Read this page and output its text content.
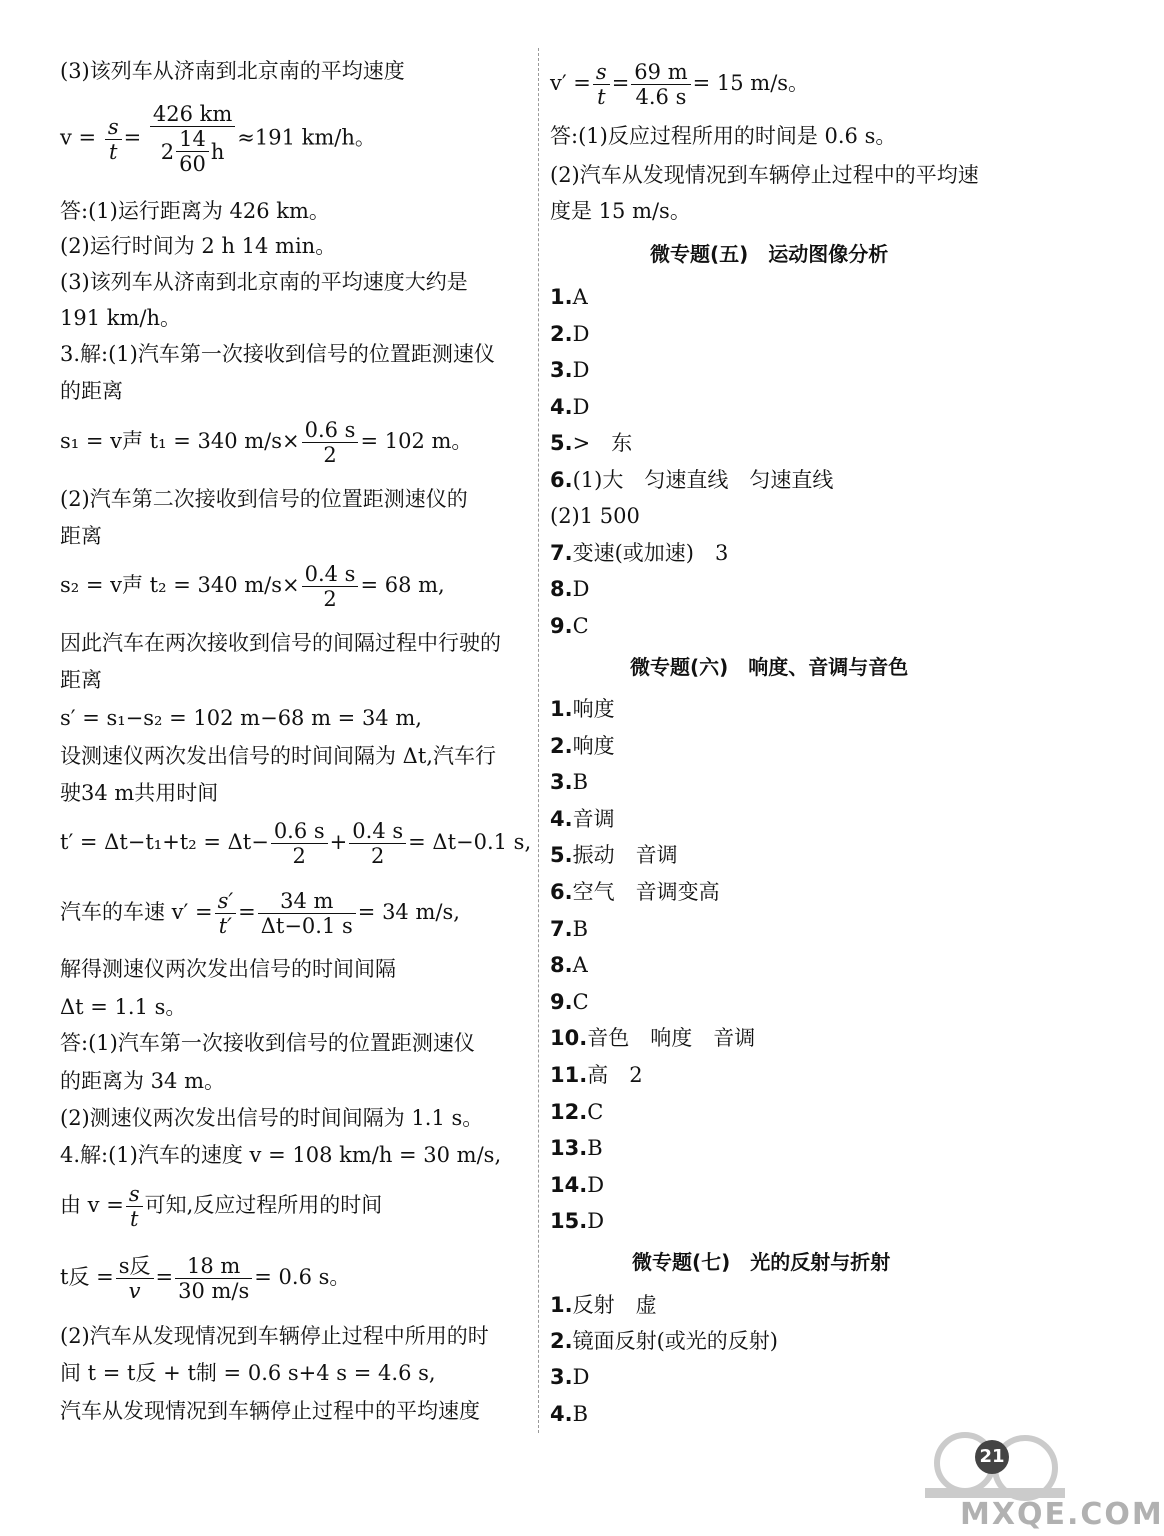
(3)该列车从济南到北京南的平均速度
$v = \frac{s}{t} = \frac{426 km}{2 \frac{14}{60} h} \approx 191$ km/h。
答:(1)运行距离为 426 km。
(2)运行时间为 2 h 14 min。
(3)该列车从济南到北京南的平均速度大约是
191 km/h。
3.解:(1)汽车第一次接收到信号的位置距测速仪
的距离
s₁ = v声 t₁ = 340 $m/s\times \frac{0.6 s}{2} = 102$ m。
(2)汽车第二次接收到信号的位置距测速仪的
距离
s₂ = v声 t₂ = 340 $m/s\times \frac{0.4 s}{2} = 68$ m,
因此汽车在两次接收到信号的间隔过程中行驶的
距离
s′ = s₁−s₂ = 102 m−68 m = 34 m,
设测速仪两次发出信号的时间间隔为 Δt,汽车行
驶34 m共用时间
$t' = \Delta t-t_1+t_2 = \Delta t- \frac{0.6 s}{2} + \frac{0.4 s}{2} = \Delta t-0.1$ s,
汽车的车速 $v' = \frac{s'}{t'} = \frac{34 m}{\Delta t-0.1 s} = 34$ m/s,
解得测速仪两次发出信号的时间间隔
Δt = 1.1 s。
答:(1)汽车第一次接收到信号的位置距测速仪
的距离为 34 m。
(2)测速仪两次发出信号的时间间隔为 1.1 s。
4.解:(1)汽车的速度 v = 108 km/h = 30 m/s,
由 $v = \frac{s}{t}$ 可知,反应过程所用的时间
t反 = $\frac{\text{s反}}{v} = \frac{18 m}{30 m/s} = 0.6$ s。
(2)汽车从发现情况到车辆停止过程中所用的时
间 t = t反 + t制 = 0.6 s+4 s = 4.6 s,
汽车从发现情况到车辆停止过程中的平均速度
$v' = \frac{s}{t} = \frac{69 m}{4.6 s} = 15$ m/s。
答:(1)反应过程所用的时间是 0.6 s。
(2)汽车从发现情况到车辆停止过程中的平均速
度是 15 m/s。
微专题(五)　运动图像分析
1.A
2.D
3.D
4.D
5.>　东
6.(1)大　匀速直线　匀速直线
(2)1 500
7.变速(或加速)　3
8.D
9.C
微专题(六)　响度、音调与音色
1.响度
2.响度
3.B
4.音调
5.振动　音调
6.空气　音调变高
7.B
8.A
9.C
10.音色　响度　音调
11.高　2
12.C
13.B
14.D
15.D
微专题(七)　光的反射与折射
1.反射　虚
2.镜面反射(或光的反射)
3.D
4.B
21
MXQE.COM
